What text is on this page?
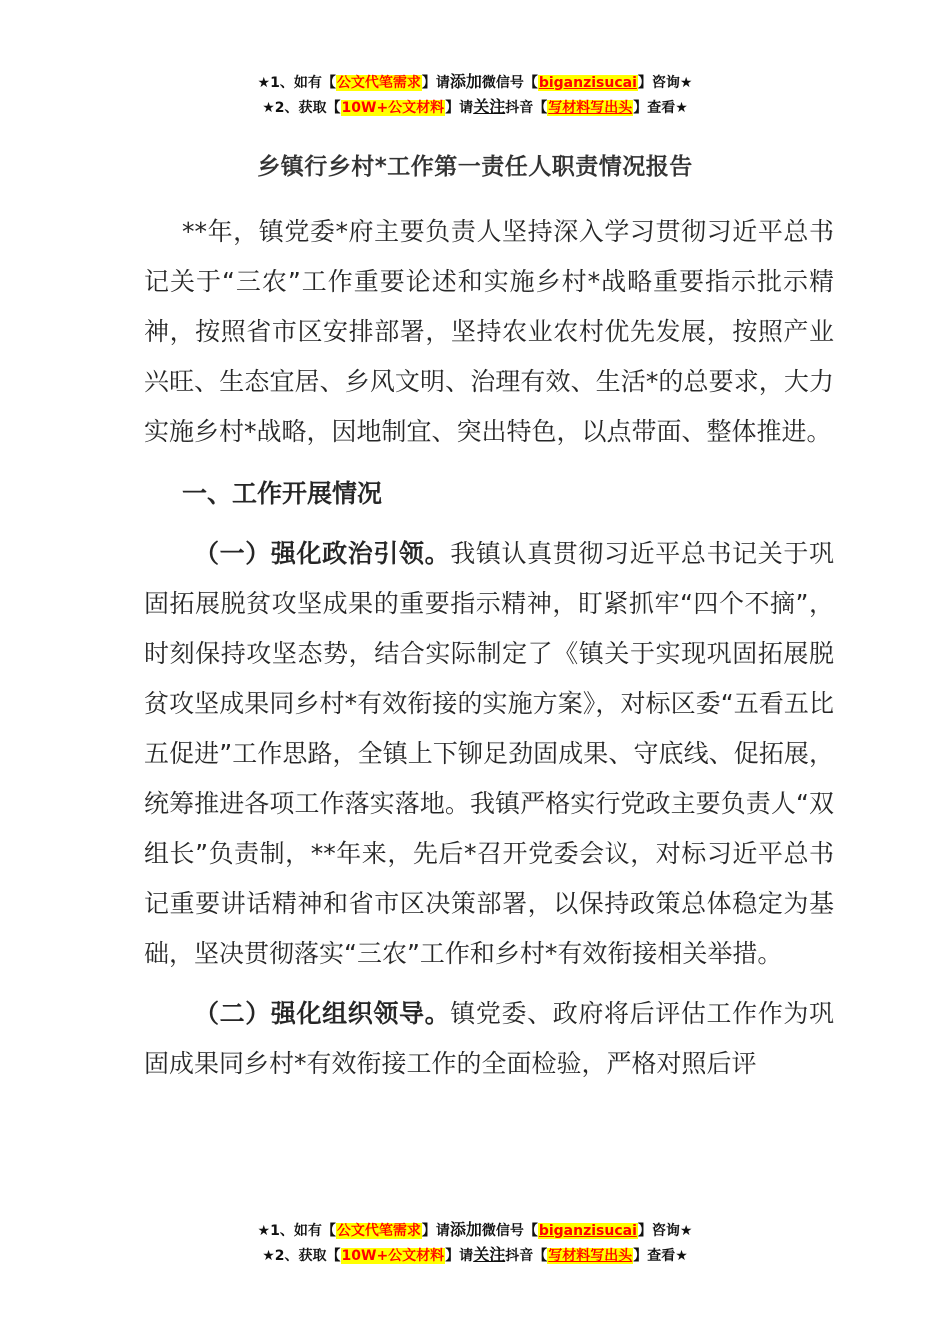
★1、如有【公文代笔需求】请添加微信号【biganzisucai】咨询★
★2、获取【10W+公文材料】请关注抖音【写材料写出头】查看★
乡镇行乡村*工作第一责任人职责情况报告

**年，镇党委*府主要负责人坚持深入学习贯彻习近平总书记关于“三农”工作重要论述和实施乡村*战略重要指示批示精神，按照省市区安排部署，坚持农业农村优先发展，按照产业兴旺、生态宜居、乡风文明、治理有效、生活*的总要求，大力实施乡村*战略，因地制宜、突出特色，以点带面、整体推进。

一、工作开展情况

（一）强化政治引领。我镇认真贯彻习近平总书记关于巩固拓展脱贫攻坚成果的重要指示精神，盯紧抓牢“四个不摘”，时刻保持攻坚态势，结合实际制定了《镇关于实现巩固拓展脱贫攻坚成果同乡村*有效衔接的实施方案》，对标区委“五看五比五促进”工作思路，全镇上下铆足劲固成果、守底线、促拓展，统筹推进各项工作落实落地。我镇严格实行党政主要负责人“双组长”负责制，**年来，先后*召开党委会议，对标习近平总书记重要讲话精神和省市区决策部署，以保持政策总体稳定为基础，坚决贯彻落实“三农”工作和乡村*有效衔接相关举措。

（二）强化组织领导。镇党委、政府将后评估工作作为巩固成果同乡村*有效衔接工作的全面检验，严格对照后评

★1、如有【公文代笔需求】请添加微信号【biganzisucai】咨询★
★2、获取【10W+公文材料】请关注抖音【写材料写出头】查看★
